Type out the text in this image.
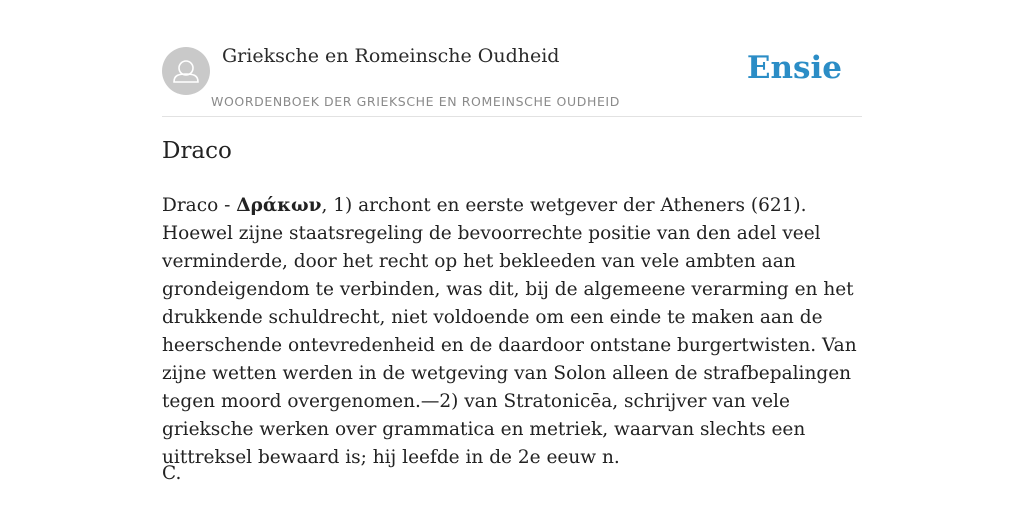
Grieksche en Romeinsche Oudheid
WOORDENBOEK DER GRIEKSCHE EN ROMEINSCHE OUDHEID
Ensie
Draco
Draco - Δράκων, 1) archont en eerste wetgever der Atheners (621). Hoewel zijne staatsregeling de bevoorrechte positie van den adel veel verminderde, door het recht op het bekleeden van vele ambten aan grondeigendom te verbinden, was dit, bij de algemeene verarming en het drukkende schuldrecht, niet voldoende om een einde te maken aan de heerschende ontevredenheid en de daardoor ontstane burgertwisten. Van zijne wetten werden in de wetgeving van Solon alleen de strafbepalingen tegen moord overgenomen.—2) van Stratonicēa, schrijver van vele grieksche werken over grammatica en metriek, waarvan slechts een uittreksel bewaard is; hij leefde in de 2e eeuw n.
C.
